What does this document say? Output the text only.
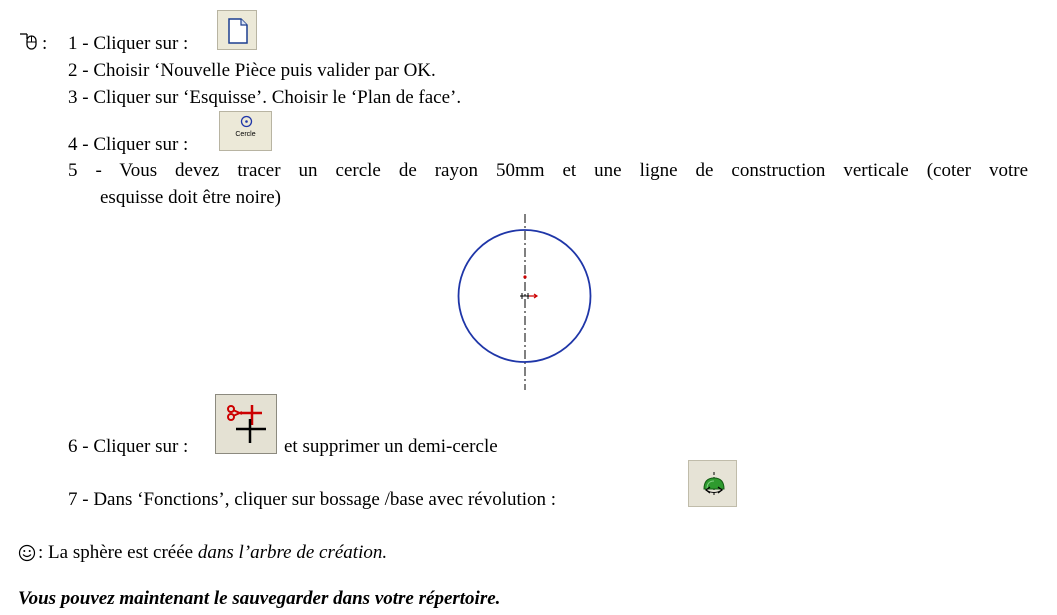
: 1 - Cliquer sur :
2 - Choisir ‘Nouvelle Pièce puis valider par OK.
3 - Cliquer sur ‘Esquisse’. Choisir le ‘Plan de face’.
4 - Cliquer sur :	Cercle
5 - Vous devez tracer un cercle de rayon 50mm et une ligne de construction verticale (coter votre
esquisse doit être noire)
6 - Cliquer sur :	et supprimer un demi-cercle
7 - Dans ‘Fonctions’, cliquer sur bossage /base avec révolution :
: La sphère est créée dans l’arbre de création.
Vous pouvez maintenant le sauvegarder dans votre répertoire.
